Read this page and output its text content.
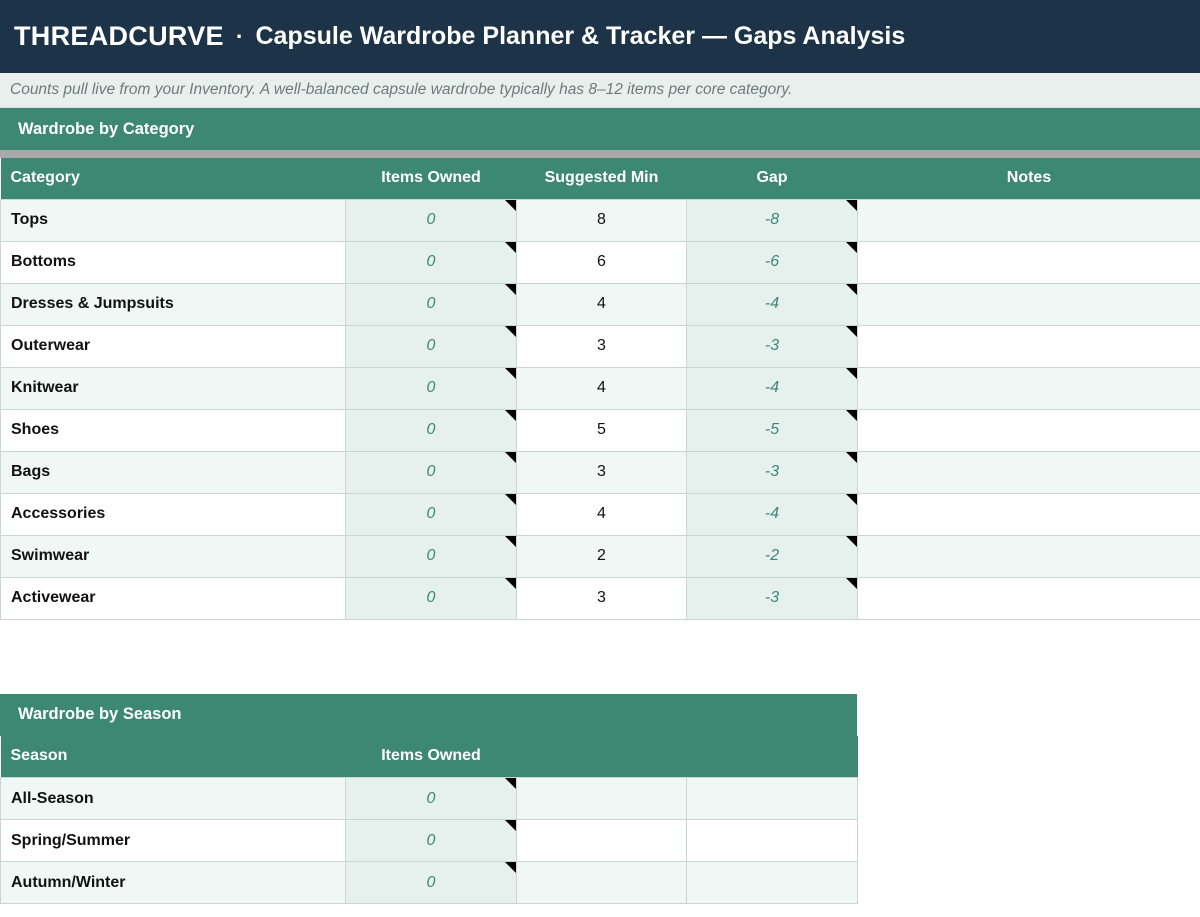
THREADCURVE · Capsule Wardrobe Planner & Tracker — Gaps Analysis
Counts pull live from your Inventory. A well-balanced capsule wardrobe typically has 8–12 items per core category.
Wardrobe by Category
Category	Items Owned	Suggested Min	Gap	Notes
Tops	0	8	-8

Bottoms	0	6	-6

Dresses & Jumpsuits	0	4	-4

Outerwear	0	3	-3

Knitwear	0	4	-4

Shoes	0	5	-5

Bags	0	3	-3

Accessories	0	4	-4

Swimwear	0	2	-2

Activewear	0	3	-3

Wardrobe by Season
Season	Items Owned			
All-Season	0

Spring/Summer	0

Autumn/Winter	0
